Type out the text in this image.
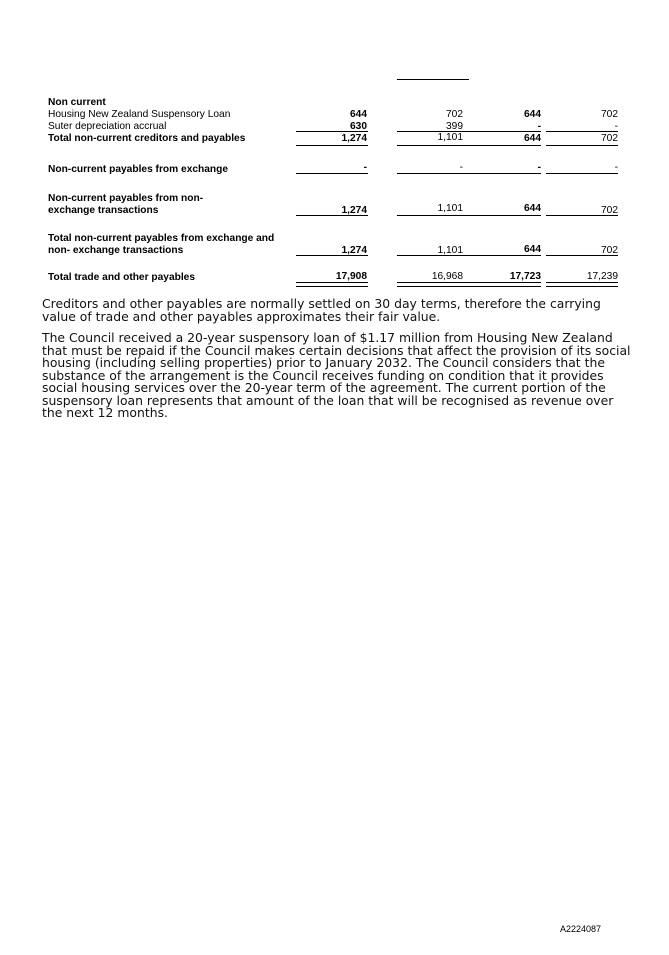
Non current
Housing New Zealand Suspensory Loan	644	702	644	702
Suter depreciation accrual	630	399	-	-
Total non-current creditors and payables	1,274	1,101	644	702
Non-current payables from exchange	-	-	-	-
Non-current payables from non-
exchange transactions	1,274	1,101	644	702
Total non-current payables from exchange and
non- exchange transactions	1,274	1,101	644	702
Total trade and other payables	17,908	16,968	17,723	17,239
Creditors and other payables are normally settled on 30 day terms, therefore the carrying value of trade and other payables approximates their fair value.
The Council received a 20-year suspensory loan of $1.17 million from Housing New Zealand that must be repaid if the Council makes certain decisions that affect the provision of its social housing (including selling properties) prior to January 2032. The Council considers that the substance of the arrangement is the Council receives funding on condition that it provides social housing services over the 20-year term of the agreement. The current portion of the suspensory loan represents that amount of the loan that will be recognised as revenue over the next 12 months.
A2224087
